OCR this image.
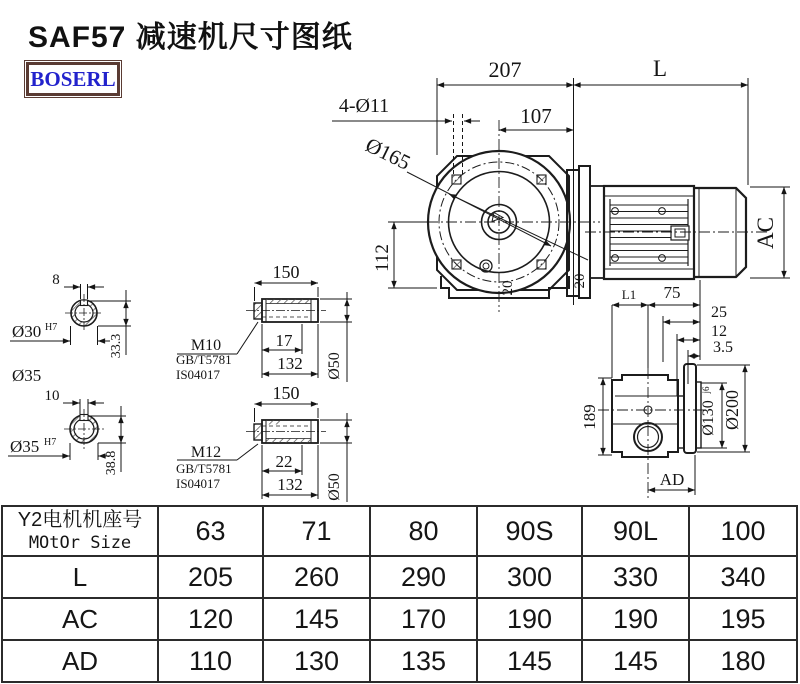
SAF57 减速机尺寸图纸
BOSERL	207	L
107
4-Ø11
Ø165
112
AC
20	20
L1 75
25
12
3.5
189	Ø130
j6 Ø200
AD
8
Ø30 H7
33.3
Ø35
10
Ø35 H7
38.8
150
M10
GB/T5781
IS04017
17
132 Ø50
150
M12
GB/T5781
IS04017
22
132 Ø50
Y2电机机座号
MOtOr Size	63	71	80	90S	90L	100
L	205	260	290	300	330	340
AC	120	145	170	190	190	195
AD	110	130	135	145	145	180
